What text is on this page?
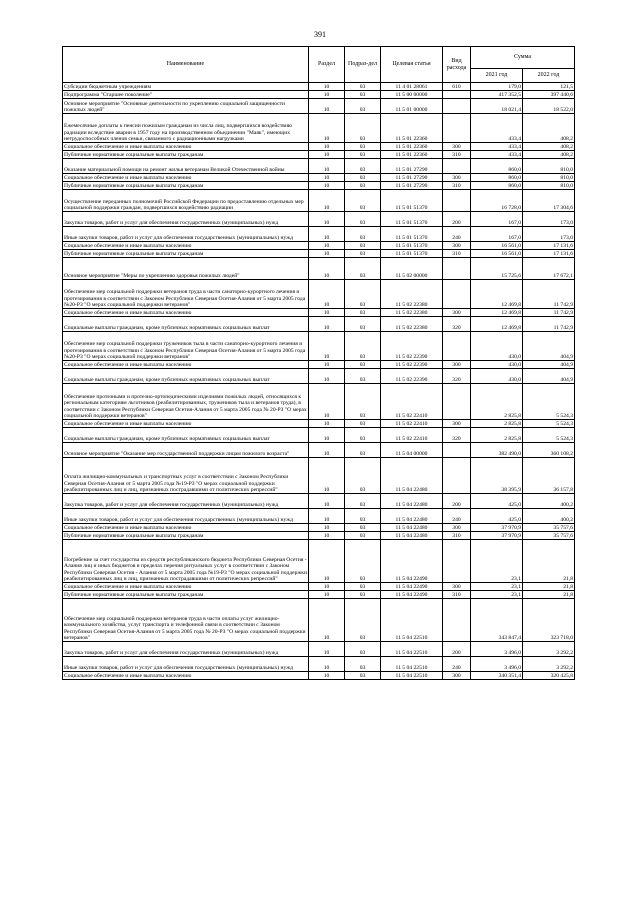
391
Наименование	Раздел	Подраз-дел	Целевая статья	Вид расхода	Сумма	
					2021 год	2022 год
Субсидии бюджетным учреждениям	10	03	11 4 01 28061	610	179,0	121,5
Подпрограмма "Старшее поколение"	10	03	11 5 00 00000		417 352,5	397 440,6
Основное мероприятие "Основные деятельности по укреплению социальной защищенности пожилых людей"	10	03	11 5 01 00000		18 021,4	18 522,0
Ежемесячные доплаты к пенсии пожилым гражданам из числа лиц, подвергшихся воздействию радиации вследствие аварии в 1957 году на производственном объединении "Маяк", имеющих нетрудоспособных членов семьи, связанного с радиационными нагрузками	10	03	11 5 01 22360		433,4	408,2
Социальное обеспечение и иные выплаты населению	10	03	11 5 01 22360	300	433,4	408,2
Публичные нормативные социальные выплаты гражданам	10	03	11 5 01 22360	310	433,4	408,2
Оказание материальной помощи на ремонт жилья ветеранам Великой Отечественной войны	10	03	11 5 01 27290		860,0	810,0
Социальное обеспечение и иные выплаты населению	10	03	11 5 01 27290	300	860,0	810,0
Публичные нормативные социальные выплаты гражданам	10	03	11 5 01 27290	310	860,0	810,0
Осуществление переданных полномочий Российской Федерации по предоставлению отдельных мер социальной поддержки граждан, подвергшихся воздействию радиации	10	03	11 5 01 51370		16 728,0	17 304,6
Закупка товаров, работ и услуг для обеспечения государственных (муниципальных) нужд	10	03	11 5 01 51370	200	167,0	173,0
Иные закупки товаров, работ и услуг для обеспечения государственных (муниципальных) нужд	10	03	11 5 01 51370	240	167,0	173,0
Социальное обеспечение и иные выплаты населению	10	03	11 5 01 51370	300	16 561,0	17 131,6
Публичные нормативные социальные выплаты гражданам	10	03	11 5 01 51370	310	16 561,0	17 131,6
Основное мероприятие "Меры по укреплению здоровья пожилых людей"	10	03	11 5 02 00000		15 725,6	17 672,1
Обеспечение мер социальной поддержки ветеранов труда в части санаторно-курортного лечения и протезирования в соответствии с Законом Республики Северная Осетия-Алания от 5 марта 2005 года №20-РЗ "О мерах социальной поддержки ветеранов"	10	03	11 5 02 22380		12 469,8	11 742,9
Социальное обеспечение и иные выплаты населению	10	03	11 5 02 22380	300	12 469,8	11 742,9
Социальные выплаты гражданам, кроме публичных нормативных социальных выплат	10	03	11 5 02 22380	320	12 469,8	11 742,9
Обеспечение мер социальной поддержки тружеников тыла в части санаторно-курортного лечения и протезирования в соответствии с Законом Республики Северная Осетия-Алания от 5 марта 2005 года №20-РЗ "О мерах социальной поддержки ветеранов"	10	03	11 5 02 22390		430,0	404,9
Социальное обеспечение и иные выплаты населению	10	03	11 5 02 22390	300	430,0	404,9
Социальные выплаты гражданам, кроме публичных нормативных социальных выплат	10	03	11 5 02 22390	320	430,0	404,9
Обеспечение протезными и протезно-ортопедическими изделиями пожилых людей, относящихся к региональным категориям льготников (реабилитированных, тружеников тыла и ветеранов труда), в соответствии с Законом Республики Северная Осетия-Алания от 5 марта 2005 года № 20-РЗ "О мерах социальной поддержки ветеранов"	10	03	11 5 02 22410		2 825,8	5 524,3
Социальное обеспечение и иные выплаты населению	10	03	11 5 02 22410	300	2 825,8	5 524,3
Социальные выплаты гражданам, кроме публичных нормативных социальных выплат	10	03	11 5 02 22410	320	2 825,8	5 524,3
Основное мероприятие "Оказание мер государственной поддержки лицам пожилого возраста"	10	03	11 5 04 00000		382 490,0	360 108,2
Оплата жилищно-коммунальных и транспортных услуг в соответствии с Законом Республики Северная Осетия-Алания от 5 марта 2005 года №19-РЗ "О мерах социальной поддержки реабилитированных лиц и лиц, признанных пострадавшими от политических репрессий"	10	03	11 5 04 22480		38 395,9	36 157,8
Закупка товаров, работ и услуг для обеспечения государственных (муниципальных) нужд	10	03	11 5 04 22480	200	425,0	400,2
Иные закупки товаров, работ и услуг для обеспечения государственных (муниципальных) нужд	10	03	11 5 04 22480	240	425,0	400,2
Социальное обеспечение и иные выплаты населению	10	03	11 5 04 22480	300	37 970,9	35 757,6
Публичные нормативные социальные выплаты гражданам	10	03	11 5 04 22480	310	37 970,9	35 757,6
Погребение за счет государства из средств республиканского бюджета Республики Северная Осетия - Алания лиц и иных бюджетов в пределах перечня ритуальных услуг в соответствии с Законом Республики Северная Осетия - Алания от 5 марта 2005 года №19-РЗ "О мерах социальной поддержки реабилитированных лиц и лиц, признанных пострадавшими от политических репрессий"	10	03	11 5 04 22490		23,1	21,8
Социальное обеспечение и иные выплаты населению	10	03	11 5 04 22490	300	23,1	21,8
Публичные нормативные социальные выплаты гражданам	10	03	11 5 04 22490	310	23,1	21,8
Обеспечение мер социальной поддержки ветеранов труда в части оплаты услуг жилищно-коммунального хозяйства, услуг транспорта и телефонной связи в соответствии с Законом Республики Северная Осетия-Алания от 5 марта 2005 года № 20-РЗ "О мерах социальной поддержки ветеранов"	10	03	11 5 04 22510		343 847,4	323 718,0
Закупка товаров, работ и услуг для обеспечения государственных (муниципальных) нужд	10	03	11 5 04 22510	200	3 496,0	3 292,2
Иные закупки товаров, работ и услуг для обеспечения государственных (муниципальных) нужд	10	03	11 5 04 22510	240	3 496,0	3 292,2
Социальное обеспечение и иные выплаты населению	10	03	11 5 04 22510	300	340 351,4	320 425,8
